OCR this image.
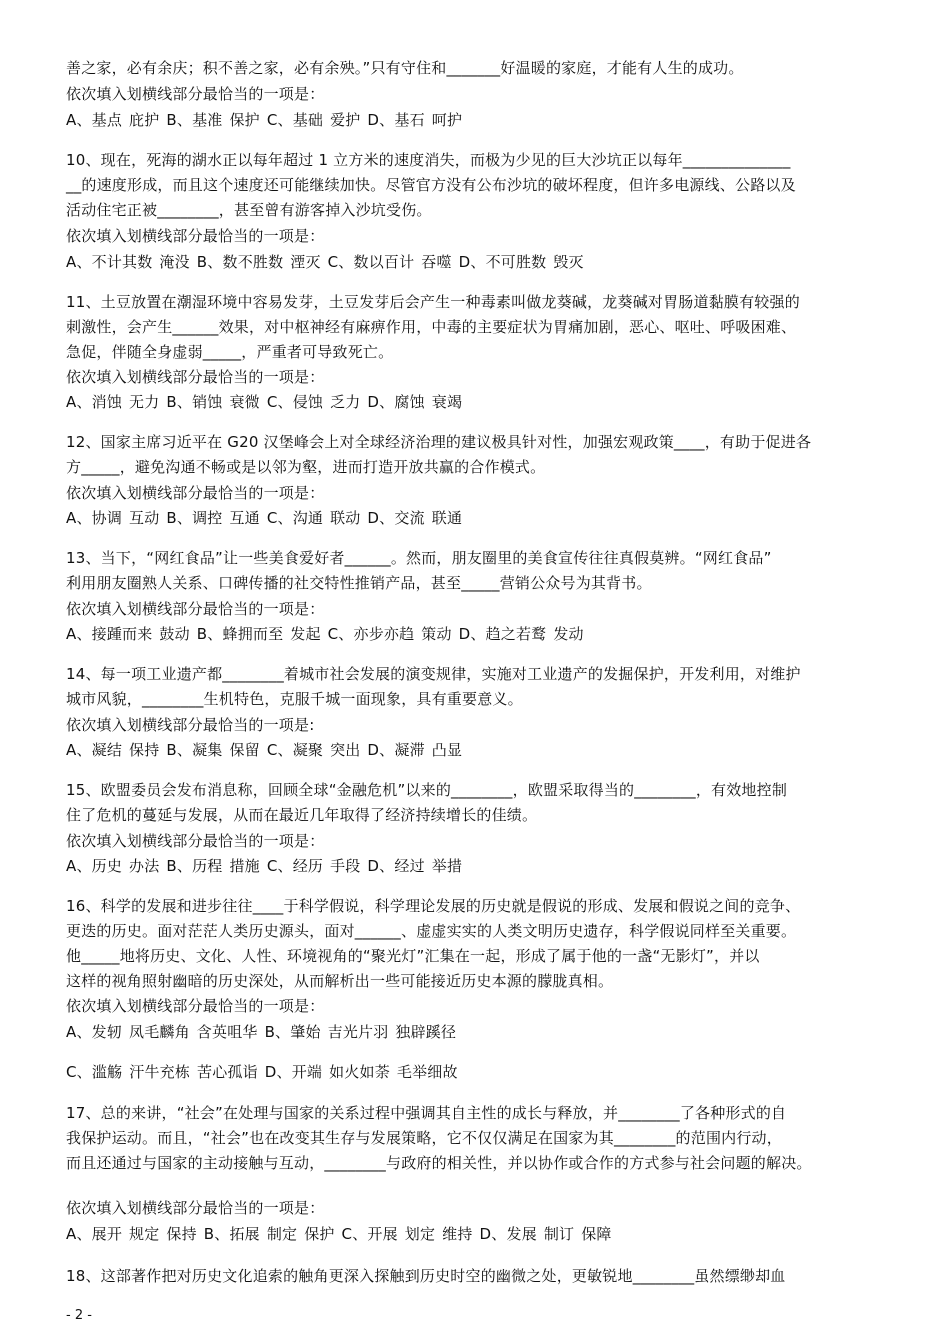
善之家，必有余庆；积不善之家，必有余殃。”只有守住和_______好温暖的家庭，才能有人生的成功。
依次填入划横线部分最恰当的一项是：
A、基点 庇护 B、基准 保护 C、基础 爱护 D、基石 呵护
10、现在，死海的湖水正以每年超过 1 立方米的速度消失，而极为少见的巨大沙坑正以每年______________
__的速度形成，而且这个速度还可能继续加快。尽管官方没有公布沙坑的破坏程度，但许多电源线、公路以及
活动住宅正被________，甚至曾有游客掉入沙坑受伤。
依次填入划横线部分最恰当的一项是：
A、不计其数 淹没 B、数不胜数 湮灭 C、数以百计 吞噬 D、不可胜数 毁灭
11、土豆放置在潮湿环境中容易发芽，土豆发芽后会产生一种毒素叫做龙葵碱，龙葵碱对胃肠道黏膜有较强的
刺激性，会产生______效果，对中枢神经有麻痹作用，中毒的主要症状为胃痛加剧，恶心、呕吐、呼吸困难、
急促，伴随全身虚弱_____，严重者可导致死亡。
依次填入划横线部分最恰当的一项是：
A、消蚀 无力 B、销蚀 衰微 C、侵蚀 乏力 D、腐蚀 衰竭
12、国家主席习近平在 G20 汉堡峰会上对全球经济治理的建议极具针对性，加强宏观政策____，有助于促进各
方_____，避免沟通不畅或是以邻为壑，进而打造开放共赢的合作模式。
依次填入划横线部分最恰当的一项是：
A、协调 互动 B、调控 互通 C、沟通 联动 D、交流 联通
13、当下，“网红食品”让一些美食爱好者______。然而，朋友圈里的美食宣传往往真假莫辨。“网红食品”
利用朋友圈熟人关系、口碑传播的社交特性推销产品，甚至_____营销公众号为其背书。
依次填入划横线部分最恰当的一项是：
A、接踵而来 鼓动 B、蜂拥而至 发起 C、亦步亦趋 策动 D、趋之若鹜 发动
14、每一项工业遗产都________着城市社会发展的演变规律，实施对工业遗产的发掘保护，开发利用，对维护
城市风貌，________生机特色，克服千城一面现象，具有重要意义。
依次填入划横线部分最恰当的一项是:
A、凝结 保持 B、凝集 保留 C、凝聚 突出 D、凝滞 凸显
15、欧盟委员会发布消息称，回顾全球“金融危机”以来的________，欧盟采取得当的________，有效地控制
住了危机的蔓延与发展，从而在最近几年取得了经济持续增长的佳绩。
依次填入划横线部分最恰当的一项是：
A、历史 办法 B、历程 措施 C、经历 手段 D、经过 举措
16、科学的发展和进步往往____于科学假说，科学理论发展的历史就是假说的形成、发展和假说之间的竞争、
更迭的历史。面对茫茫人类历史源头，面对______、虚虚实实的人类文明历史遗存，科学假说同样至关重要。
他_____地将历史、文化、人性、环境视角的“聚光灯”汇集在一起，形成了属于他的一盏“无影灯”，并以
这样的视角照射幽暗的历史深处，从而解析出一些可能接近历史本源的朦胧真相。
依次填入划横线部分最恰当的一项是：
A、发轫 凤毛麟角 含英咀华 B、肇始 吉光片羽 独辟蹊径
C、滥觞 汗牛充栋 苦心孤诣 D、开端 如火如荼 毛举细故
17、总的来讲，“社会”在处理与国家的关系过程中强调其自主性的成长与释放，并________了各种形式的自
我保护运动。而且，“社会”也在改变其生存与发展策略，它不仅仅满足在国家为其________的范围内行动，
而且还通过与国家的主动接触与互动，________与政府的相关性，并以协作或合作的方式参与社会问题的解决。
依次填入划横线部分最恰当的一项是：
A、展开 规定 保持 B、拓展 制定 保护 C、开展 划定 维持 D、发展 制订 保障
18、这部著作把对历史文化追索的触角更深入探触到历史时空的幽微之处，更敏锐地________虽然缥缈却血
- 2 -
